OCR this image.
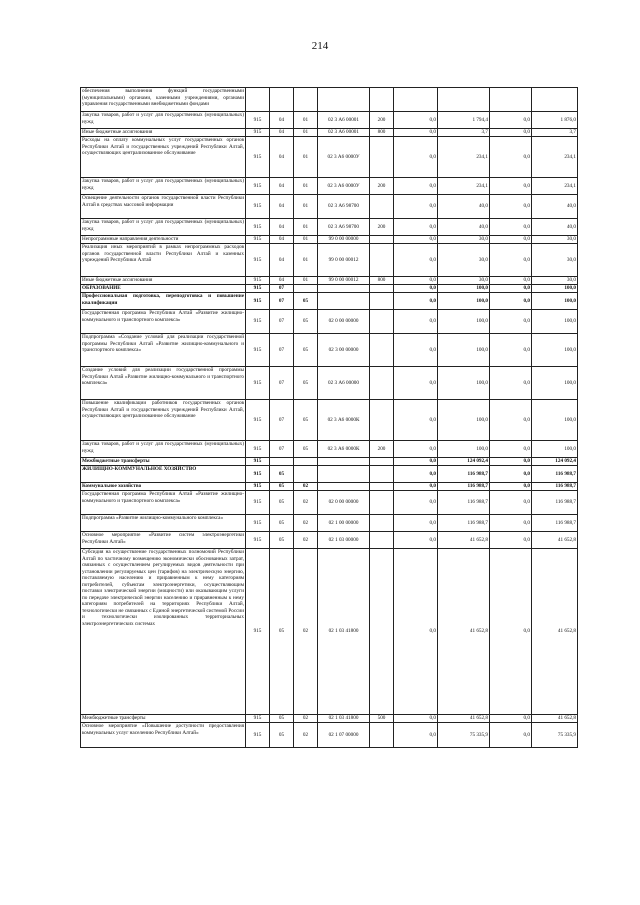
214
обеспечения выполнения функций государственными (муниципальными) органами, казенными учреждениями, органами управления государственными внебюджетными фондами									
Закупка товаров, работ и услуг для государственных (муниципальных) нужд	915	04	01	02 3 А6 00001	200	0,0	1 794,4	0,0	1 876,0
Иные бюджетные ассигнования	915	04	01	02 3 А6 00001	800	0,0	3,7	0,0	3,7
Расходы на оплату коммунальных услуг государственных органов Республики Алтай и государственных учреждений Республики Алтай, осуществляющих централизованное обслуживание	915	04	01	02 3 А6 0000У		0,0	234,1	0,0	234,1
Закупка товаров, работ и услуг для государственных (муниципальных) нужд	915	04	01	02 3 А6 0000У	200	0,0	234,1	0,0	234,1
Освещение деятельности органов государственной власти Республики Алтай в средствах массовой информации	915	04	01	02 3 А6 98700		0,0	40,0	0,0	40,0
Закупка товаров, работ и услуг для государственных (муниципальных) нужд	915	04	01	02 3 А6 98700	200	0,0	40,0	0,0	40,0
Непрограммные направления деятельности	915	04	01	99 0 00 00000		0,0	30,0	0,0	30,0
Реализация иных мероприятий в рамках непрограммных расходов органов государственной власти Республики Алтай и казенных учреждений Республики Алтай	915	04	01	99 0 00 00012		0,0	30,0	0,0	30,0
Иные бюджетные ассигнования	915	04	01	99 0 00 00012	800	0,0	30,0	0,0	30,0
ОБРАЗОВАНИЕ	915	07				0,0	100,0	0,0	100,0
Профессиональная подготовка, переподготовка и повышение квалификации	915	07	05			0,0	100,0	0,0	100,0
Государственная программа Республики Алтай «Развитие жилищно-коммунального и транспортного комплекса»	915	07	05	02 0 00 00000		0,0	100,0	0,0	100,0
Подпрограмма «Создание условий для реализации государственной программы Республики Алтай «Развитие жилищно-коммунального и транспортного комплекса»	915	07	05	02 3 00 00000		0,0	100,0	0,0	100,0
Создание условий для реализации государственной программы Республики Алтай «Развитие жилищно-коммунального и транспортного комплекса»	915	07	05	02 3 А6 00000		0,0	100,0	0,0	100,0
Повышение квалификации работников государственных органов Республики Алтай и государственных учреждений Республики Алтай, осуществляющих централизованное обслуживание	915	07	05	02 3 А6 0000К		0,0	100,0	0,0	100,0
Закупка товаров, работ и услуг для государственных (муниципальных) нужд	915	07	05	02 3 А6 0000К	200	0,0	100,0	0,0	100,0
Межбюджетные трансферты	915					0,0	124 092,4	0,0	124 092,4
ЖИЛИЩНО-КОММУНАЛЬНОЕ ХОЗЯЙСТВО	915	05				0,0	116 988,7	0,0	116 988,7
Коммунальное хозяйство	915	05	02			0,0	116 988,7	0,0	116 988,7
Государственная программа Республики Алтай «Развитие жилищно-коммунального и транспортного комплекса»	915	05	02	02 0 00 00000		0,0	116 988,7	0,0	116 988,7
Подпрограмма «Развитие жилищно-коммунального комплекса»	915	05	02	02 1 00 00000		0,0	116 988,7	0,0	116 988,7
Основное мероприятие «Развитие систем электроэнергетики Республики Алтай»	915	05	02	02 1 03 00000		0,0	41 652,8	0,0	41 652,8
Субсидия на осуществление государственных полномочий Республики Алтай по частичному возмещению экономически обоснованных затрат, связанных с осуществлением регулируемых видов деятельности при установлении регулируемых цен (тарифов) на электрическую энергию, поставляемую населению и приравненным к нему категориям потребителей, субъектам электроэнергетики, осуществляющим поставки электрической энергии (мощности) или оказывающим услуги по передаче электрической энергии населению и приравненным к нему категориям потребителей на территориях Республики Алтай, технологически не связанных с Единой энергетической системой России и технологически изолированных территориальных электроэнергетических системах	915	05	02	02 1 03 41800		0,0	41 652,8	0,0	41 652,8
Межбюджетные трансферты	915	05	02	02 1 03 41800	500	0,0	41 652,8	0,0	41 652,8
Основное мероприятие «Повышение доступности предоставления коммунальных услуг населению Республики Алтай»	915	05	02	02 1 07 00000		0,0	75 335,9	0,0	75 335,9
